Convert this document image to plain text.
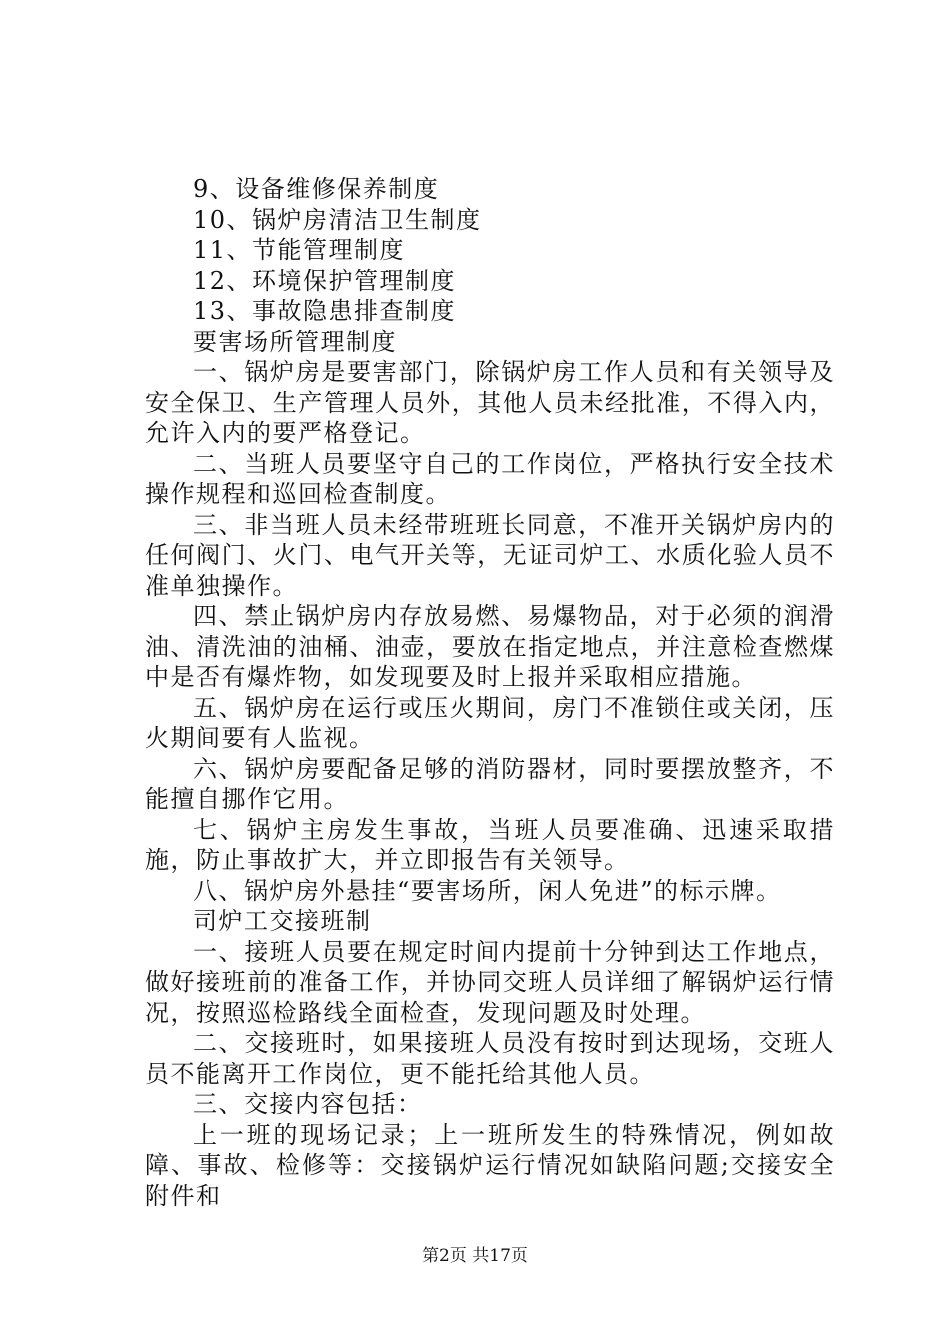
9、设备维修保养制度

10、锅炉房清洁卫生制度

11、节能管理制度

12、环境保护管理制度

13、事故隐患排查制度

要害场所管理制度

一、锅炉房是要害部门，除锅炉房工作人员和有关领导及安全保卫、生产管理人员外，其他人员未经批准，不得入内，允许入内的要严格登记。

二、当班人员要坚守自己的工作岗位，严格执行安全技术操作规程和巡回检查制度。

三、非当班人员未经带班班长同意，不准开关锅炉房内的任何阀门、火门、电气开关等，无证司炉工、水质化验人员不准单独操作。

四、禁止锅炉房内存放易燃、易爆物品，对于必须的润滑油、清洗油的油桶、油壶，要放在指定地点，并注意检查燃煤中是否有爆炸物，如发现要及时上报并采取相应措施。

五、锅炉房在运行或压火期间，房门不准锁住或关闭，压火期间要有人监视。

六、锅炉房要配备足够的消防器材，同时要摆放整齐，不能擅自挪作它用。

七、锅炉主房发生事故，当班人员要准确、迅速采取措施，防止事故扩大，并立即报告有关领导。

八、锅炉房外悬挂“要害场所，闲人免进”的标示牌。

司炉工交接班制

一、接班人员要在规定时间内提前十分钟到达工作地点，做好接班前的准备工作，并协同交班人员详细了解锅炉运行情况，按照巡检路线全面检查，发现问题及时处理。

二、交接班时，如果接班人员没有按时到达现场，交班人员不能离开工作岗位，更不能托给其他人员。

三、交接内容包括：

上一班的现场记录；上一班所发生的特殊情况，例如故障、事故、检修等：交接锅炉运行情况如缺陷问题;交接安全附件和

第2页 共17页
